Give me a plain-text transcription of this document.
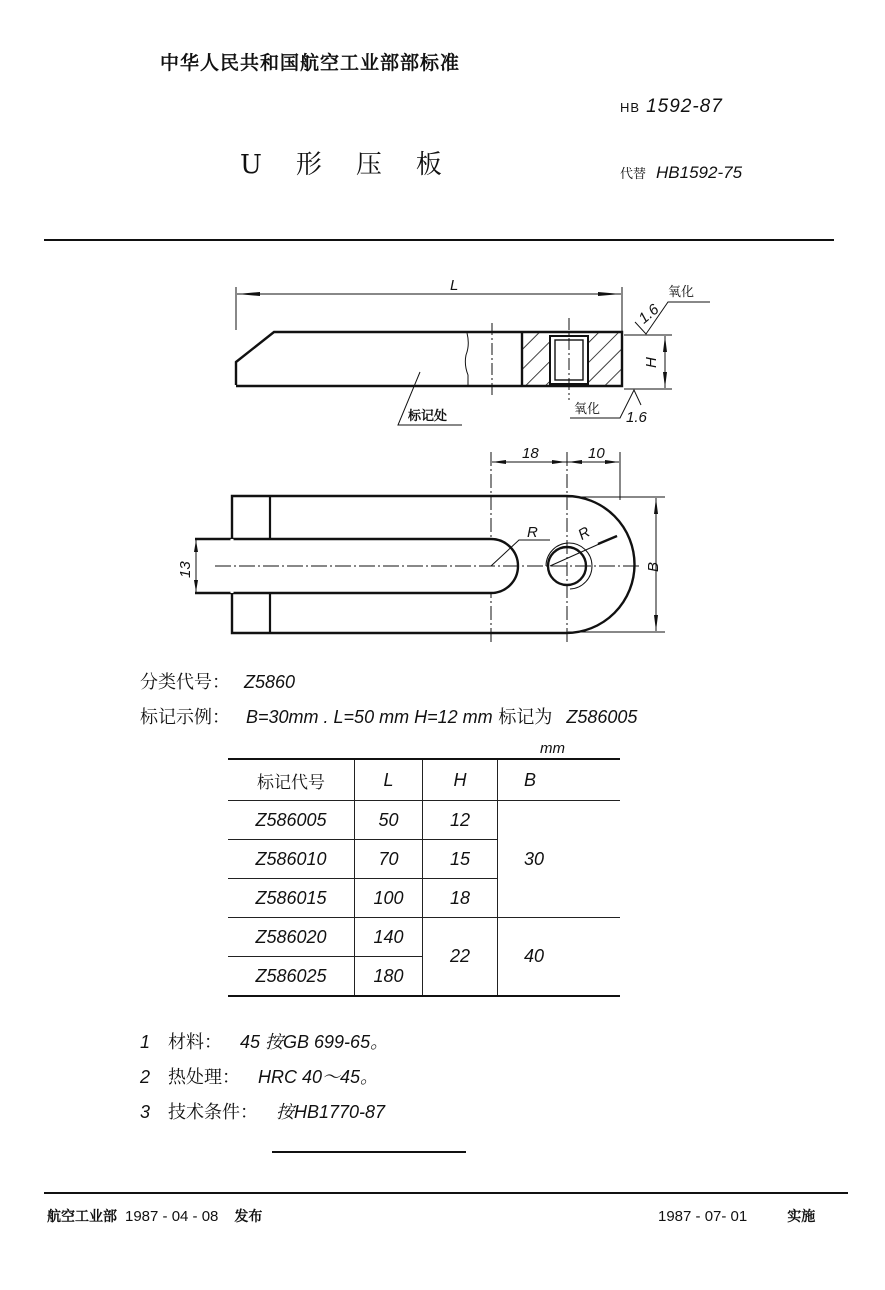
中华人民共和国航空工业部部标准
HB 1592-87
U形压板	代替 HB1592-75
L
H
1.6
氧化
1.6
氧化
标记处
18	10
R R
13	B
分类代号： Z5860
标记示例： B=30mm . L=50 mm H=12 mm 标记为 Z586005
mm
标记代号	L	H	B
Z586005	50	12	30
Z586010	70	15	
Z586015	100	18	
Z586020	140	22	40
Z586025	180		
1 材料： 45 按GB 699-65。
2 热处理： HRC 40～45。
3 技术条件： 按HB1770-87
航空工业部 1987 - 04 - 08 发布	1987 - 07- 01	实施
